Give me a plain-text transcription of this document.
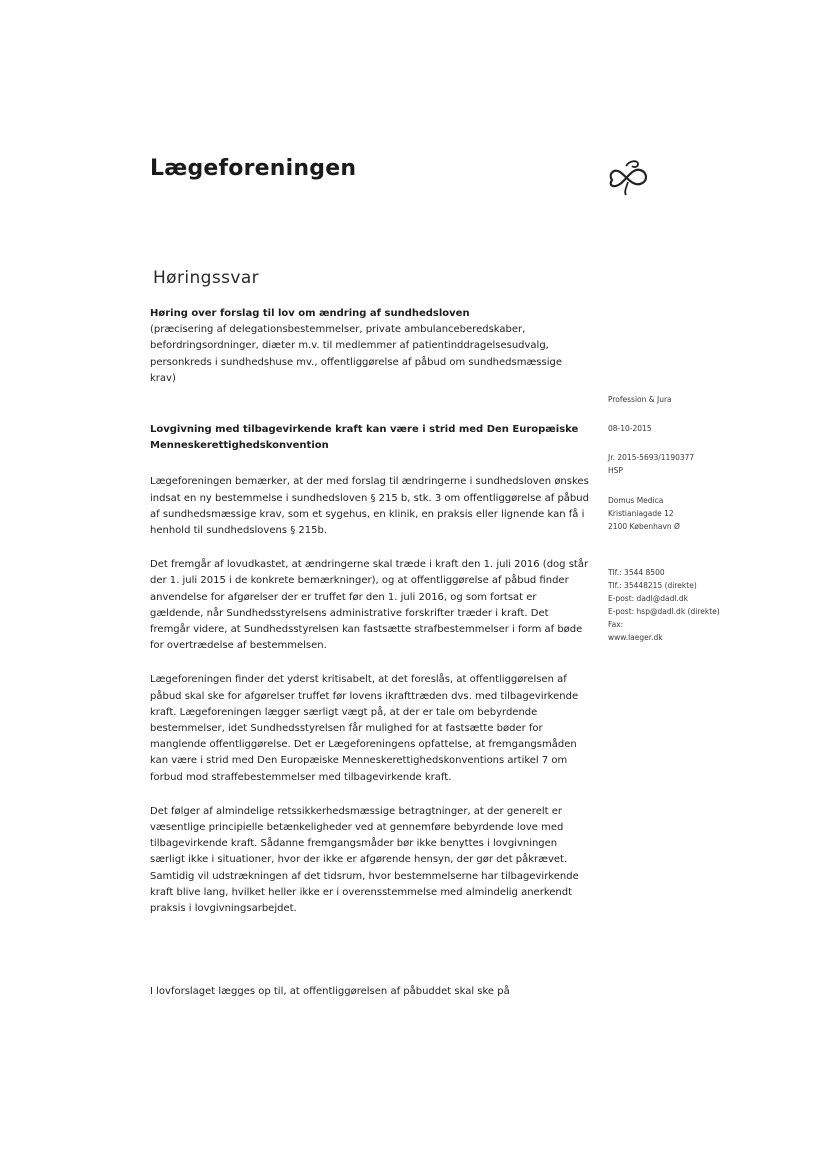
Lægeforeningen
Høringssvar
Høring over forslag til lov om ændring af sundhedsloven
(præcisering af delegationsbestemmelser, private ambulanceberedskaber,
befordringsordninger, diæter m.v. til medlemmer af patientinddragelsesudvalg,
personkreds i sundhedshuse mv., offentliggørelse af påbud om sundhedsmæssige
krav)
Profession & Jura
08-10-2015
Jr. 2015-5693/1190377
HSP
Domus Medica
Kristianiagade 12
2100 København Ø
Tlf.: 3544 8500
Tlf.: 35448215 (direkte)
E-post: dadl@dadl.dk
E-post: hsp@dadl.dk (direkte)
Fax:
www.laeger.dk

Lovgivning med tilbagevirkende kraft kan være i strid med Den Europæiske Menneskerettighedskonvention

Lægeforeningen bemærker, at der med forslag til ændringerne i sundhedsloven ønskes indsat en ny bestemmelse i sundhedsloven § 215 b, stk. 3 om offentliggørelse af påbud af sundhedsmæssige krav, som et sygehus, en klinik, en praksis eller lignende kan få i henhold til sundhedslovens § 215b.

Det fremgår af lovudkastet, at ændringerne skal træde i kraft den 1. juli 2016 (dog står der 1. juli 2015 i de konkrete bemærkninger), og at offentliggørelse af påbud finder anvendelse for afgørelser der er truffet før den 1. juli 2016, og som fortsat er gældende, når Sundhedsstyrelsens administrative forskrifter træder i kraft. Det fremgår videre, at Sundhedsstyrelsen kan fastsætte strafbestemmelser i form af bøde for overtrædelse af bestemmelsen.

Lægeforeningen finder det yderst kritisabelt, at det foreslås, at offentliggørelsen af påbud skal ske for afgørelser truffet før lovens ikrafttræden dvs. med tilbagevirkende kraft. Lægeforeningen lægger særligt vægt på, at der er tale om bebyrdende bestemmelser, idet Sundhedsstyrelsen får mulighed for at fastsætte bøder for manglende offentliggørelse. Det er Lægeforeningens opfattelse, at fremgangsmåden kan være i strid med Den Europæiske Menneskerettighedskonventions artikel 7 om forbud mod straffebestemmelser med tilbagevirkende kraft.

Det følger af almindelige retssikkerhedsmæssige betragtninger, at der generelt er væsentlige principielle betænkeligheder ved at gennemføre bebyrdende love med tilbagevirkende kraft. Sådanne fremgangsmåder bør ikke benyttes i lovgivningen særligt ikke i situationer, hvor der ikke er afgørende hensyn, der gør det påkrævet. Samtidig vil udstrækningen af det tidsrum, hvor bestemmelserne har tilbagevirkende kraft blive lang, hvilket heller ikke er i overensstemmelse med almindelig anerkendt praksis i lovgivningsarbejdet.

I lovforslaget lægges op til, at offentliggørelsen af påbuddet skal ske på
